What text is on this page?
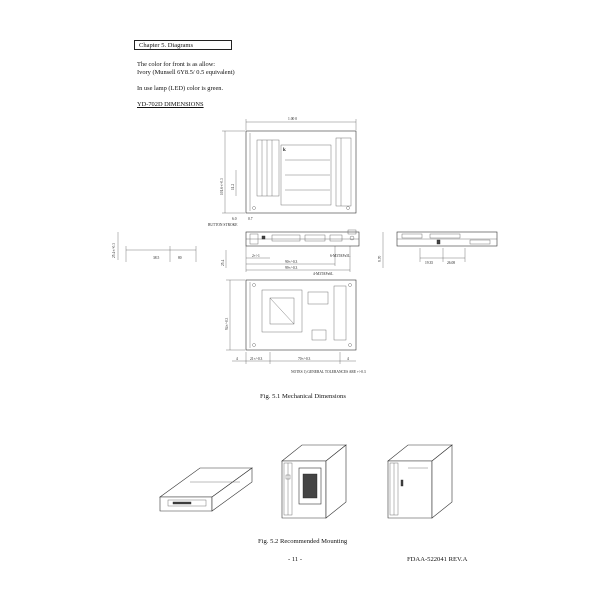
Chapter 5. Diagrams
The color for front is as allow:
Ivory (Munsell 6Y8.5/ 0.5 equivalent)
In use lamp (LED) color is green.
YD-702D DIMENSIONS
k
1.00 0
101.6+/-0.3 11.2
6.0	0.7
BUTTON STROKE
25.4+/-0.3	38.5	80
25.4
2+/-1
90+/-0.3
99+/-0.3
6-M3TAPx5L
4-M3TAPx6L
9.70
19.35	26.08
94+/-0.3
4	21+/-0.3	70+/-0.3	4
NOTES 1) GENERAL TOLERANCES ARE +/-0.3
Fig. 5.1 Mechanical Dimensions
Fig. 5.2 Recommended Mounting
- 11 -	FDAA-522041 REV.A
